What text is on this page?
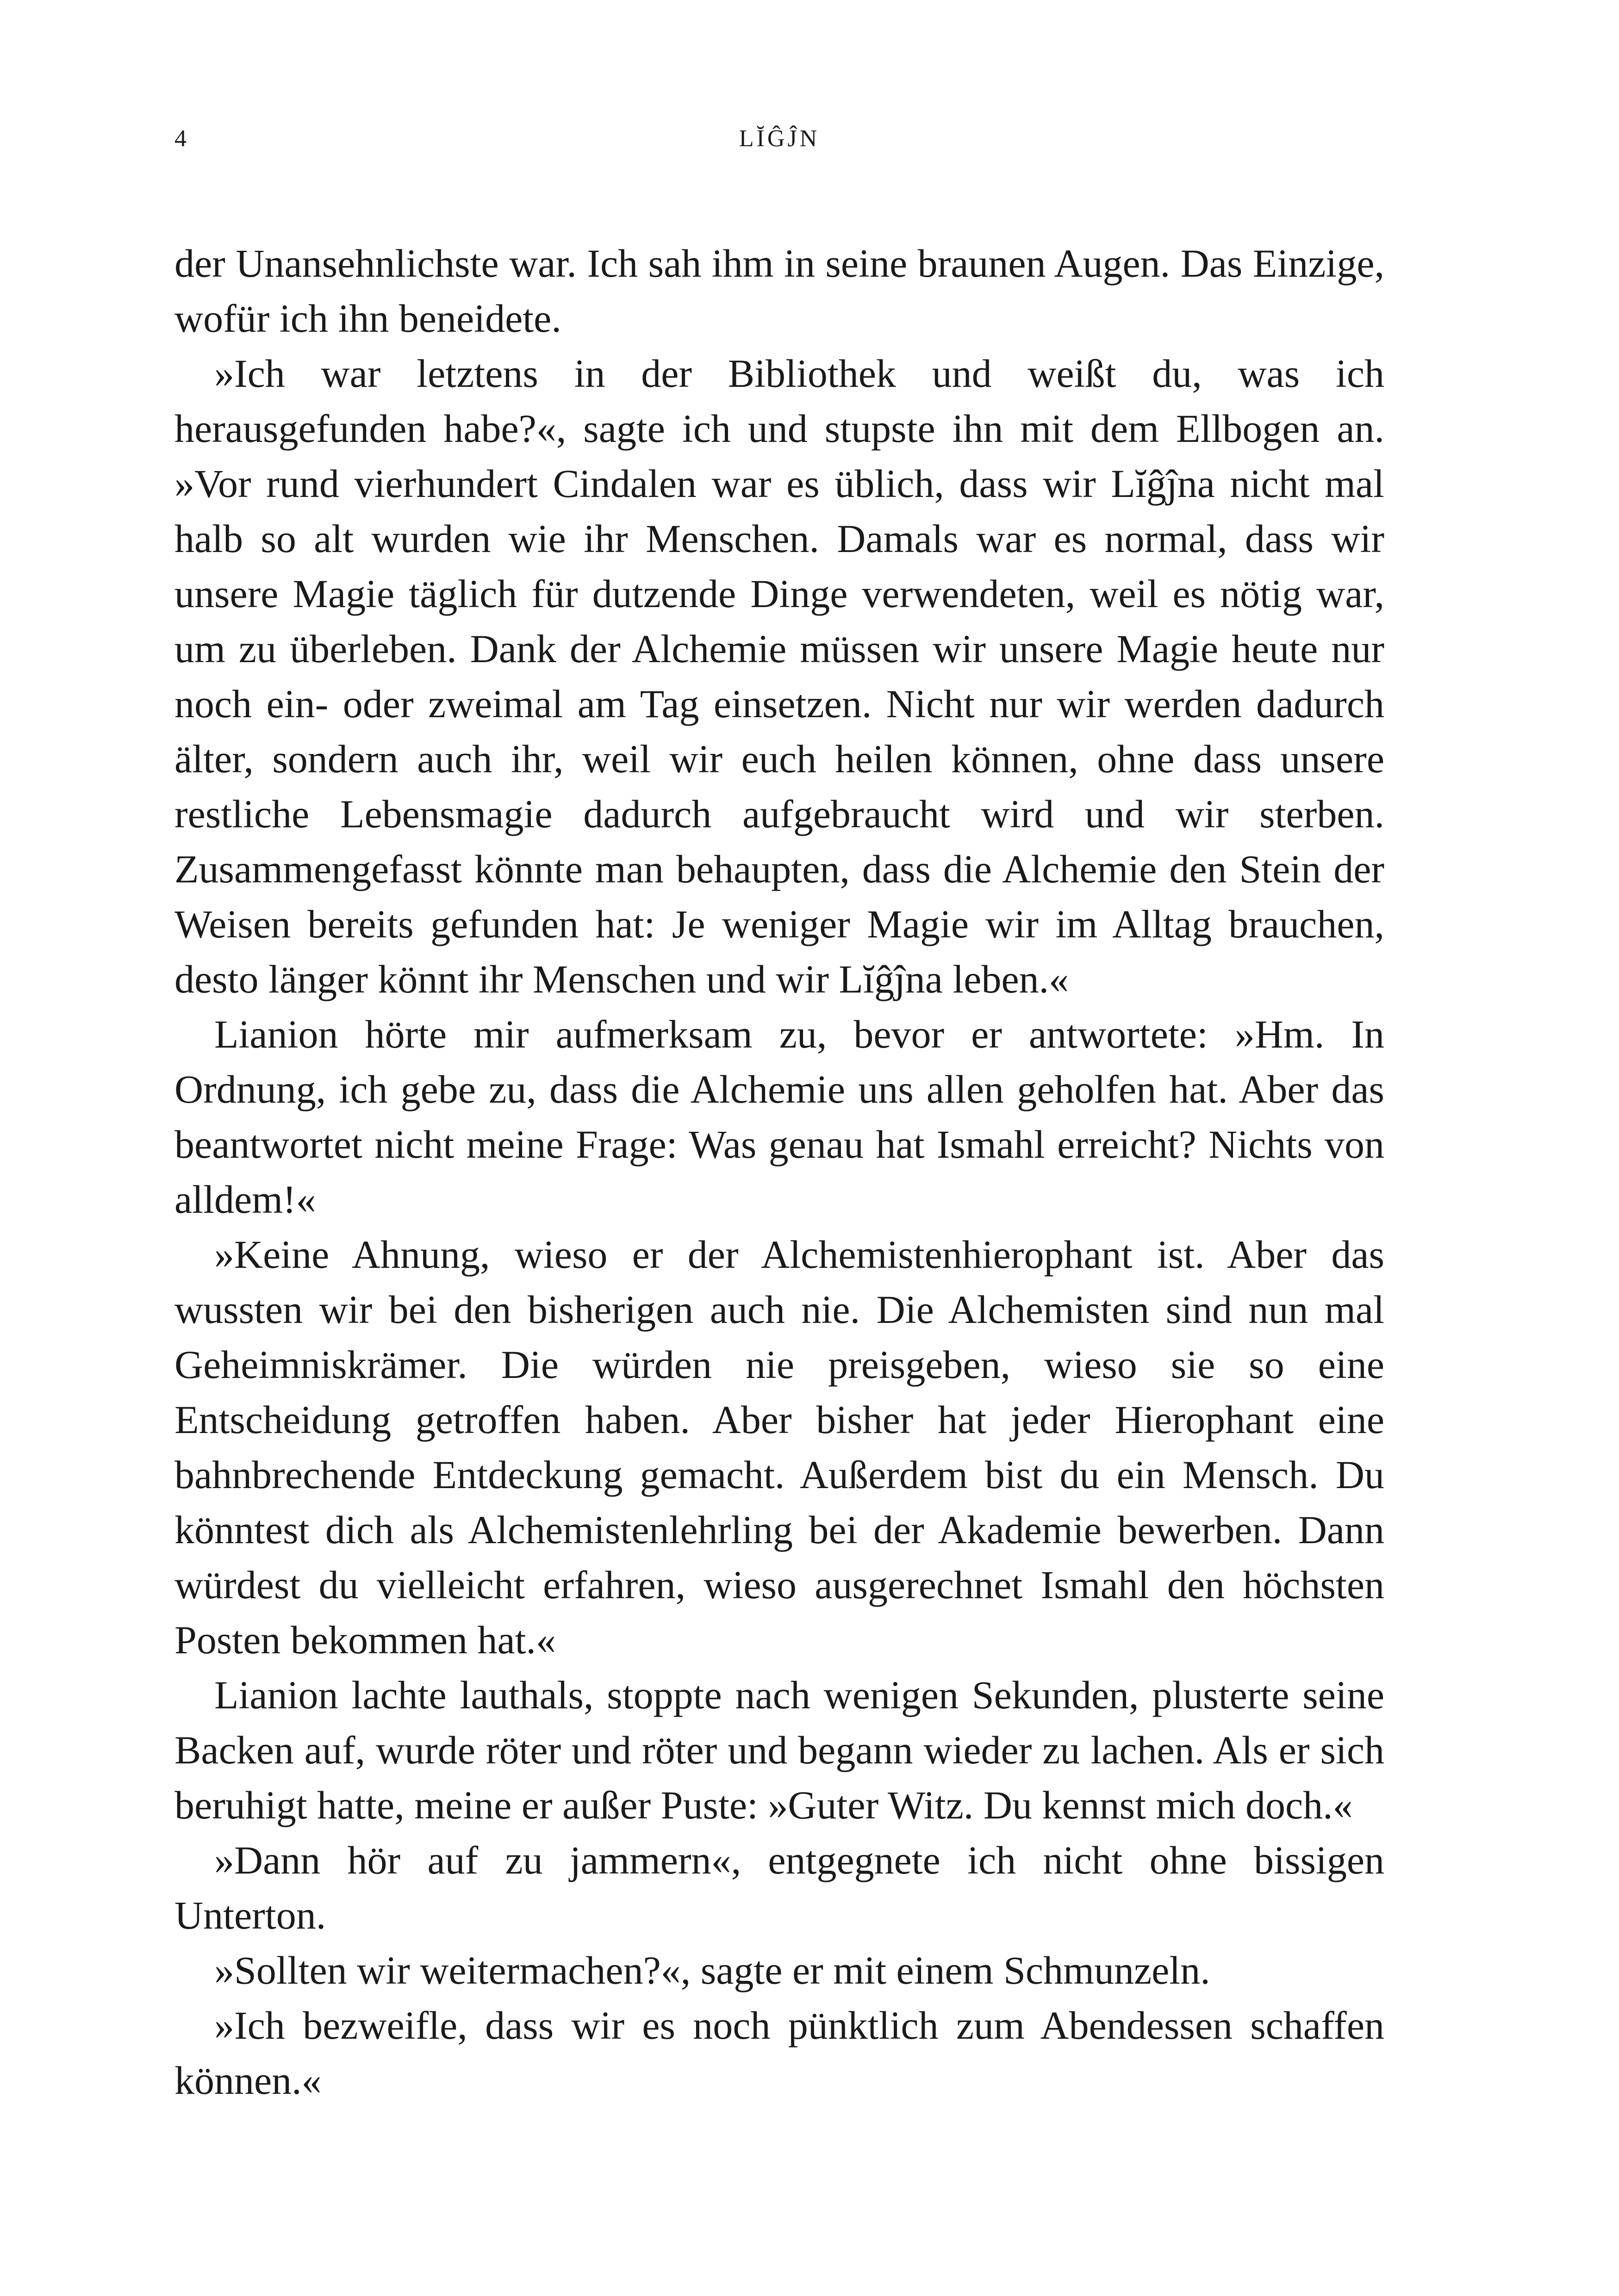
4	LĬĜĴN

der Unansehnlichste war. Ich sah ihm in seine braunen Augen. Das Einzige, wofür ich ihn beneidete.

»Ich war letztens in der Bibliothek und weißt du, was ich herausgefunden habe?«, sagte ich und stupste ihn mit dem Ellbogen an. »Vor rund vierhundert Cindalen war es üblich, dass wir Lĭĝĵna nicht mal halb so alt wurden wie ihr Menschen. Damals war es normal, dass wir unsere Magie täglich für dutzende Dinge verwendeten, weil es nötig war, um zu überleben. Dank der Alchemie müssen wir unsere Magie heute nur noch ein- oder zweimal am Tag einsetzen. Nicht nur wir werden dadurch älter, sondern auch ihr, weil wir euch heilen können, ohne dass unsere restliche Lebensmagie dadurch aufgebraucht wird und wir sterben. Zusammengefasst könnte man behaupten, dass die Alchemie den Stein der Weisen bereits gefunden hat: Je weniger Magie wir im Alltag brauchen, desto länger könnt ihr Menschen und wir Lĭĝĵna leben.«

Lianion hörte mir aufmerksam zu, bevor er antwortete: »Hm. In Ordnung, ich gebe zu, dass die Alchemie uns allen geholfen hat. Aber das beantwortet nicht meine Frage: Was genau hat Ismahl erreicht? Nichts von alldem!«

»Keine Ahnung, wieso er der Alchemistenhierophant ist. Aber das wussten wir bei den bisherigen auch nie. Die Alchemisten sind nun mal Geheimniskrämer. Die würden nie preisgeben, wieso sie so eine Entscheidung getroffen haben. Aber bisher hat jeder Hierophant eine bahnbrechende Entdeckung gemacht. Außerdem bist du ein Mensch. Du könntest dich als Alchemistenlehrling bei der Akademie bewerben. Dann würdest du vielleicht erfahren, wieso ausgerechnet Ismahl den höchsten Posten bekommen hat.«

Lianion lachte lauthals, stoppte nach wenigen Sekunden, plusterte seine Backen auf, wurde röter und röter und begann wieder zu lachen. Als er sich beruhigt hatte, meine er außer Puste: »Guter Witz. Du kennst mich doch.«

»Dann hör auf zu jammern«, entgegnete ich nicht ohne bissigen Unterton.

»Sollten wir weitermachen?«, sagte er mit einem Schmunzeln.

»Ich bezweifle, dass wir es noch pünktlich zum Abendessen schaffen können.«
